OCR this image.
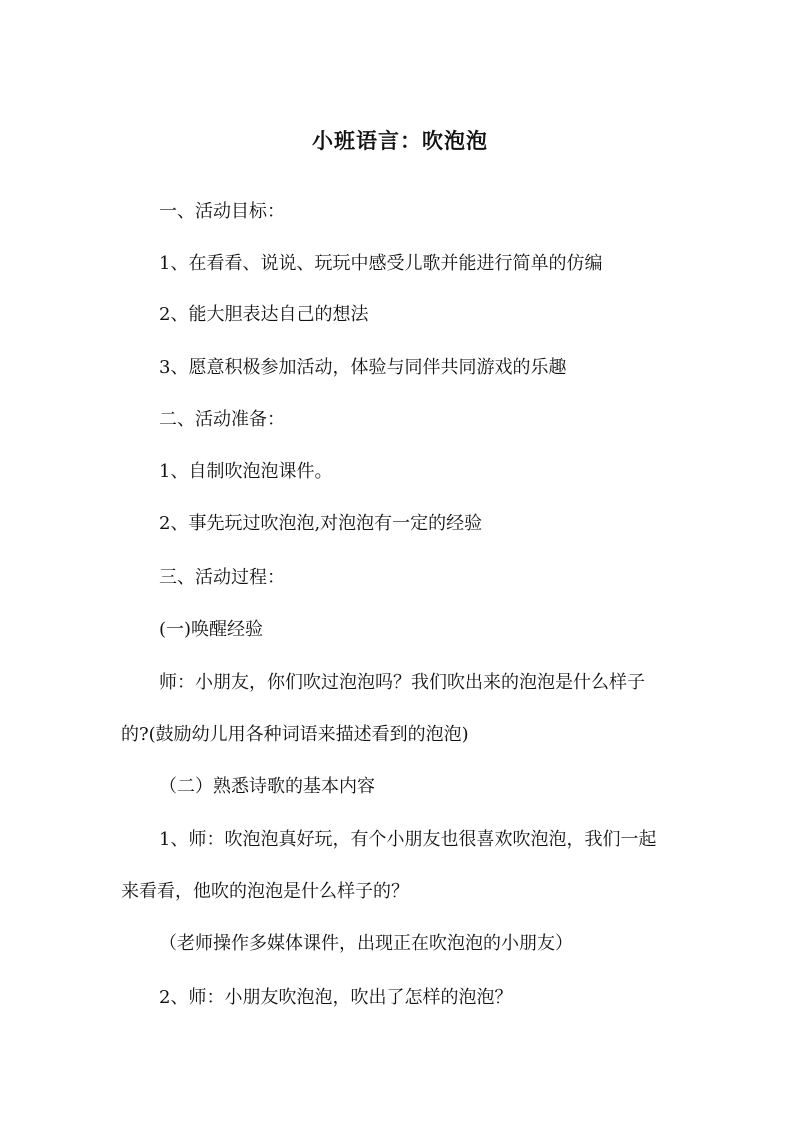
小班语言：吹泡泡
一、活动目标：
1、在看看、说说、玩玩中感受儿歌并能进行简单的仿编
2、能大胆表达自己的想法
3、愿意积极参加活动，体验与同伴共同游戏的乐趣
二、活动准备：
1、自制吹泡泡课件。
2、事先玩过吹泡泡,对泡泡有一定的经验
三、活动过程：
(一)唤醒经验
师：小朋友，你们吹过泡泡吗？我们吹出来的泡泡是什么样子
的?(鼓励幼儿用各种词语来描述看到的泡泡)
（二）熟悉诗歌的基本内容
1、师：吹泡泡真好玩，有个小朋友也很喜欢吹泡泡，我们一起
来看看，他吹的泡泡是什么样子的？
（老师操作多媒体课件，出现正在吹泡泡的小朋友）
2、师：小朋友吹泡泡，吹出了怎样的泡泡？
